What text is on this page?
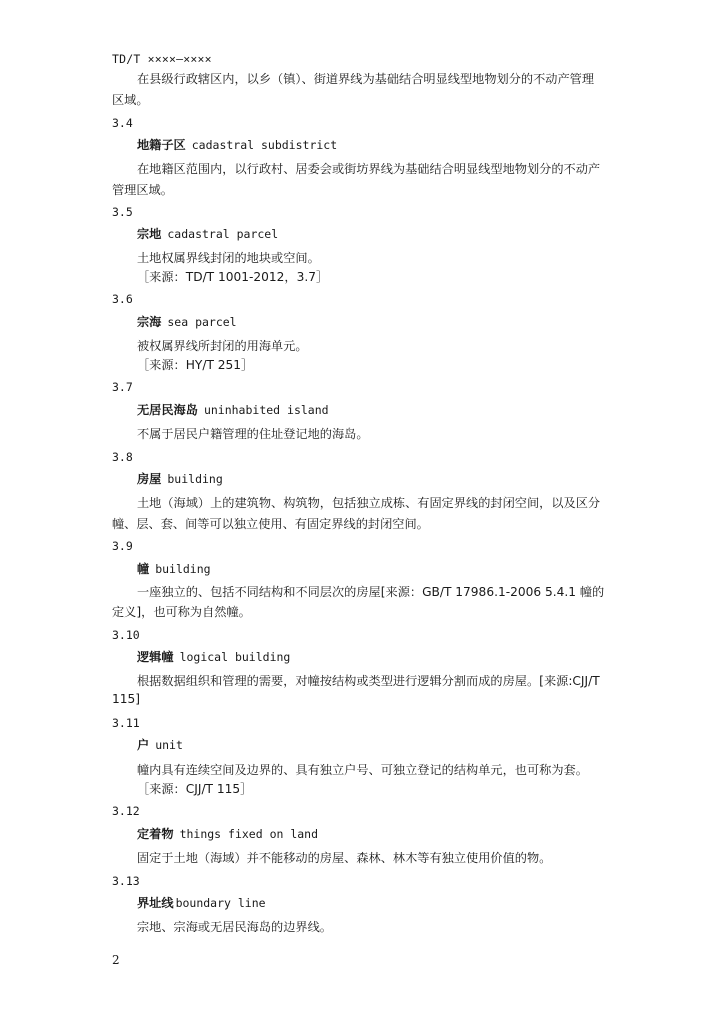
TD/T ××××—××××
在县级行政辖区内，以乡（镇）、街道界线为基础结合明显线型地物划分的不动产管理
区域。
3.4
地籍子区 cadastral subdistrict
在地籍区范围内，以行政村、居委会或街坊界线为基础结合明显线型地物划分的不动产
管理区域。
3.5
宗地 cadastral parcel
土地权属界线封闭的地块或空间。
［来源：TD/T 1001-2012，3.7］
3.6
宗海 sea parcel
被权属界线所封闭的用海单元。
［来源：HY/T 251］
3.7
无居民海岛 uninhabited island
不属于居民户籍管理的住址登记地的海岛。
3.8
房屋 building
土地（海域）上的建筑物、构筑物，包括独立成栋、有固定界线的封闭空间，以及区分
幢、层、套、间等可以独立使用、有固定界线的封闭空间。
3.9
幢 building
一座独立的、包括不同结构和不同层次的房屋[来源：GB/T 17986.1-2006 5.4.1 幢的
定义]，也可称为自然幢。
3.10
逻辑幢 logical building
根据数据组织和管理的需要，对幢按结构或类型进行逻辑分割而成的房屋。[来源:CJJ/T
115]
3.11
户 unit
幢内具有连续空间及边界的、具有独立户号、可独立登记的结构单元，也可称为套。
［来源：CJJ/T 115］
3.12
定着物 things fixed on land
固定于土地（海域）并不能移动的房屋、森林、林木等有独立使用价值的物。
3.13
界址线 boundary line
宗地、宗海或无居民海岛的边界线。
2
